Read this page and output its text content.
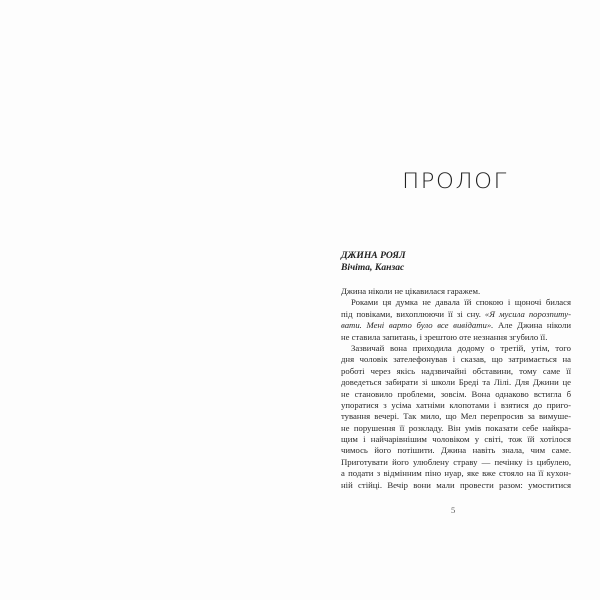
ПРОЛОГ
ДЖИНА РОЯЛ
Вічіта, Канзас
Джина ніколи не цікавилася гаражем.
Роками ця думка не давала їй спокою і щоночі билася
під повіками, вихоплюючи її зі сну. «Я мусила порозпиту-
вати. Мені варто було все вивідати». Але Джина ніколи
не ставила запитань, і зрештою оте незнання згубило її.
Зазвичай вона приходила додому о третій, утім, того
дня чоловік зателефонував і сказав, що затримається на
роботі через якісь надзвичайні обставини, тому саме її
доведеться забирати зі школи Бреді та Лілі. Для Джини це
не становило проблеми, зовсім. Вона однаково встигла б
упоратися з усіма хатніми клопотами і взятися до приго-
тування вечері. Так мило, що Мел перепросив за вимуше-
не порушення її розкладу. Він умів показати себе найкра-
щим і найчарівнішим чоловіком у світі, тож їй хотілося
чимось його потішити. Джина навіть знала, чим саме.
Приготувати його улюблену страву — печінку із цибулею,
а подати з відмінним піно нуар, яке вже стояло на її кухон-
ній стійці. Вечір вони мали провести разом: умоститися
5
